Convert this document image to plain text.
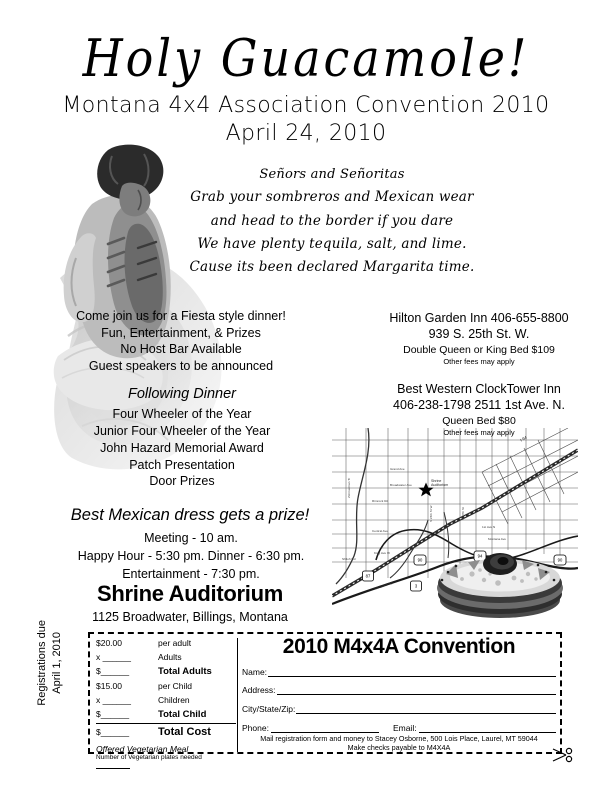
Holy Guacamole!
Montana 4x4 Association Convention 2010
April 24, 2010
Señors and Señoritas
Grab your sombreros and Mexican wear
and head to the border if you dare
We have plenty tequila, salt, and lime.
Cause its been declared Margarita time.
Come join us for a Fiesta style dinner!
Fun, Entertainment, & Prizes
No Host Bar Available
Guest speakers to be announced
Following Dinner
Four Wheeler of the Year
Junior Four Wheeler of the Year
John Hazard Memorial Award
Patch Presentation
Door Prizes
Hilton Garden Inn 406-655-8800
939 S. 25th St. W.
Double Queen or King Bed $109
Other fees may apply
Best Western ClockTower Inn
406-238-1798 2511 1st Ave. N.
Queen Bed $80
Other fees may apply
Shrine
Auditorium
Grand Ave
Broadwater Ave
Rimrock Rd
Central Ave
King Ave W
S 24th St W	N 27th St
1st Ave N
Montana Ave
Zimmerman Tr
Shiloh Rd
I-90 Laurel Rd
90
94
90
87
3
I-94
Best Mexican dress gets a prize!
Meeting - 10 am.
Happy Hour - 5:30 pm. Dinner - 6:30 pm.
Entertainment - 7:30 pm.
Shrine Auditorium
1125 Broadwater, Billings, Montana
Registrations due April 1, 2010	$20.00	per adult
x ______	Adults
$______	Total Adults
$15.00	per Child
x ______	Children
$______	Total Child
$______	Total Cost
Offered Vegetarian Meal
Number of Vegetarian plates needed
2010 M4x4A Convention
Name:
Address:
City/State/Zip:
Phone:	Email:
Mail registration form and money to Stacey Osborne, 500 Lois Place, Laurel, MT 59044
Make checks payable to M4X4A
